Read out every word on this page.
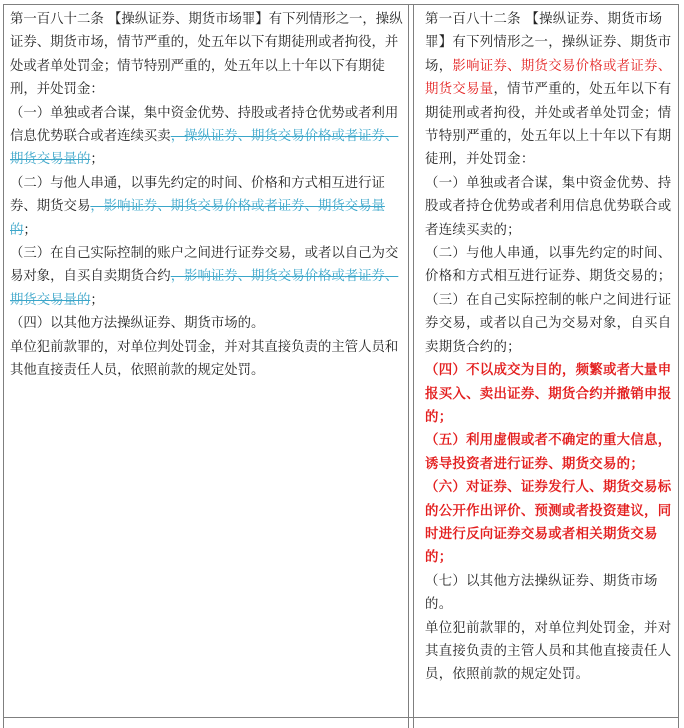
第一百八十二条 【操纵证券、期货市场罪】有下列情形之一，操纵证券、期货市场，情节严重的，处五年以下有期徒刑或者拘役，并处或者单处罚金；情节特别严重的，处五年以上十年以下有期徒刑，并处罚金：
（一）单独或者合谋，集中资金优势、持股或者持仓优势或者利用信息优势联合或者连续买卖，操纵证券、期货交易价格或者证券、期货交易量的；
（二）与他人串通，以事先约定的时间、价格和方式相互进行证券、期货交易，影响证券、期货交易价格或者证券、期货交易量的；
（三）在自己实际控制的账户之间进行证券交易，或者以自己为交易对象，自买自卖期货合约，影响证券、期货交易价格或者证券、期货交易量的；
（四）以其他方法操纵证券、期货市场的。
单位犯前款罪的，对单位判处罚金，并对其直接负责的主管人员和其他直接责任人员，依照前款的规定处罚。
第一百八十二条 【操纵证券、期货市场罪】有下列情形之一，操纵证券、期货市场，影响证券、期货交易价格或者证券、期货交易量，情节严重的，处五年以下有期徒刑或者拘役，并处或者单处罚金；情节特别严重的，处五年以上十年以下有期徒刑，并处罚金：
（一）单独或者合谋，集中资金优势、持股或者持仓优势或者利用信息优势联合或者连续买卖的；
（二）与他人串通，以事先约定的时间、价格和方式相互进行证券、期货交易的；
（三）在自己实际控制的帐户之间进行证券交易，或者以自己为交易对象，自买自卖期货合约的；
（四）不以成交为目的，频繁或者大量申报买入、卖出证券、期货合约并撤销申报的；
（五）利用虚假或者不确定的重大信息，诱导投资者进行证券、期货交易的；
（六）对证券、证券发行人、期货交易标的公开作出评价、预测或者投资建议，同时进行反向证券交易或者相关期货交易的；
（七）以其他方法操纵证券、期货市场的。
单位犯前款罪的，对单位判处罚金，并对其直接负责的主管人员和其他直接责任人员，依照前款的规定处罚。
